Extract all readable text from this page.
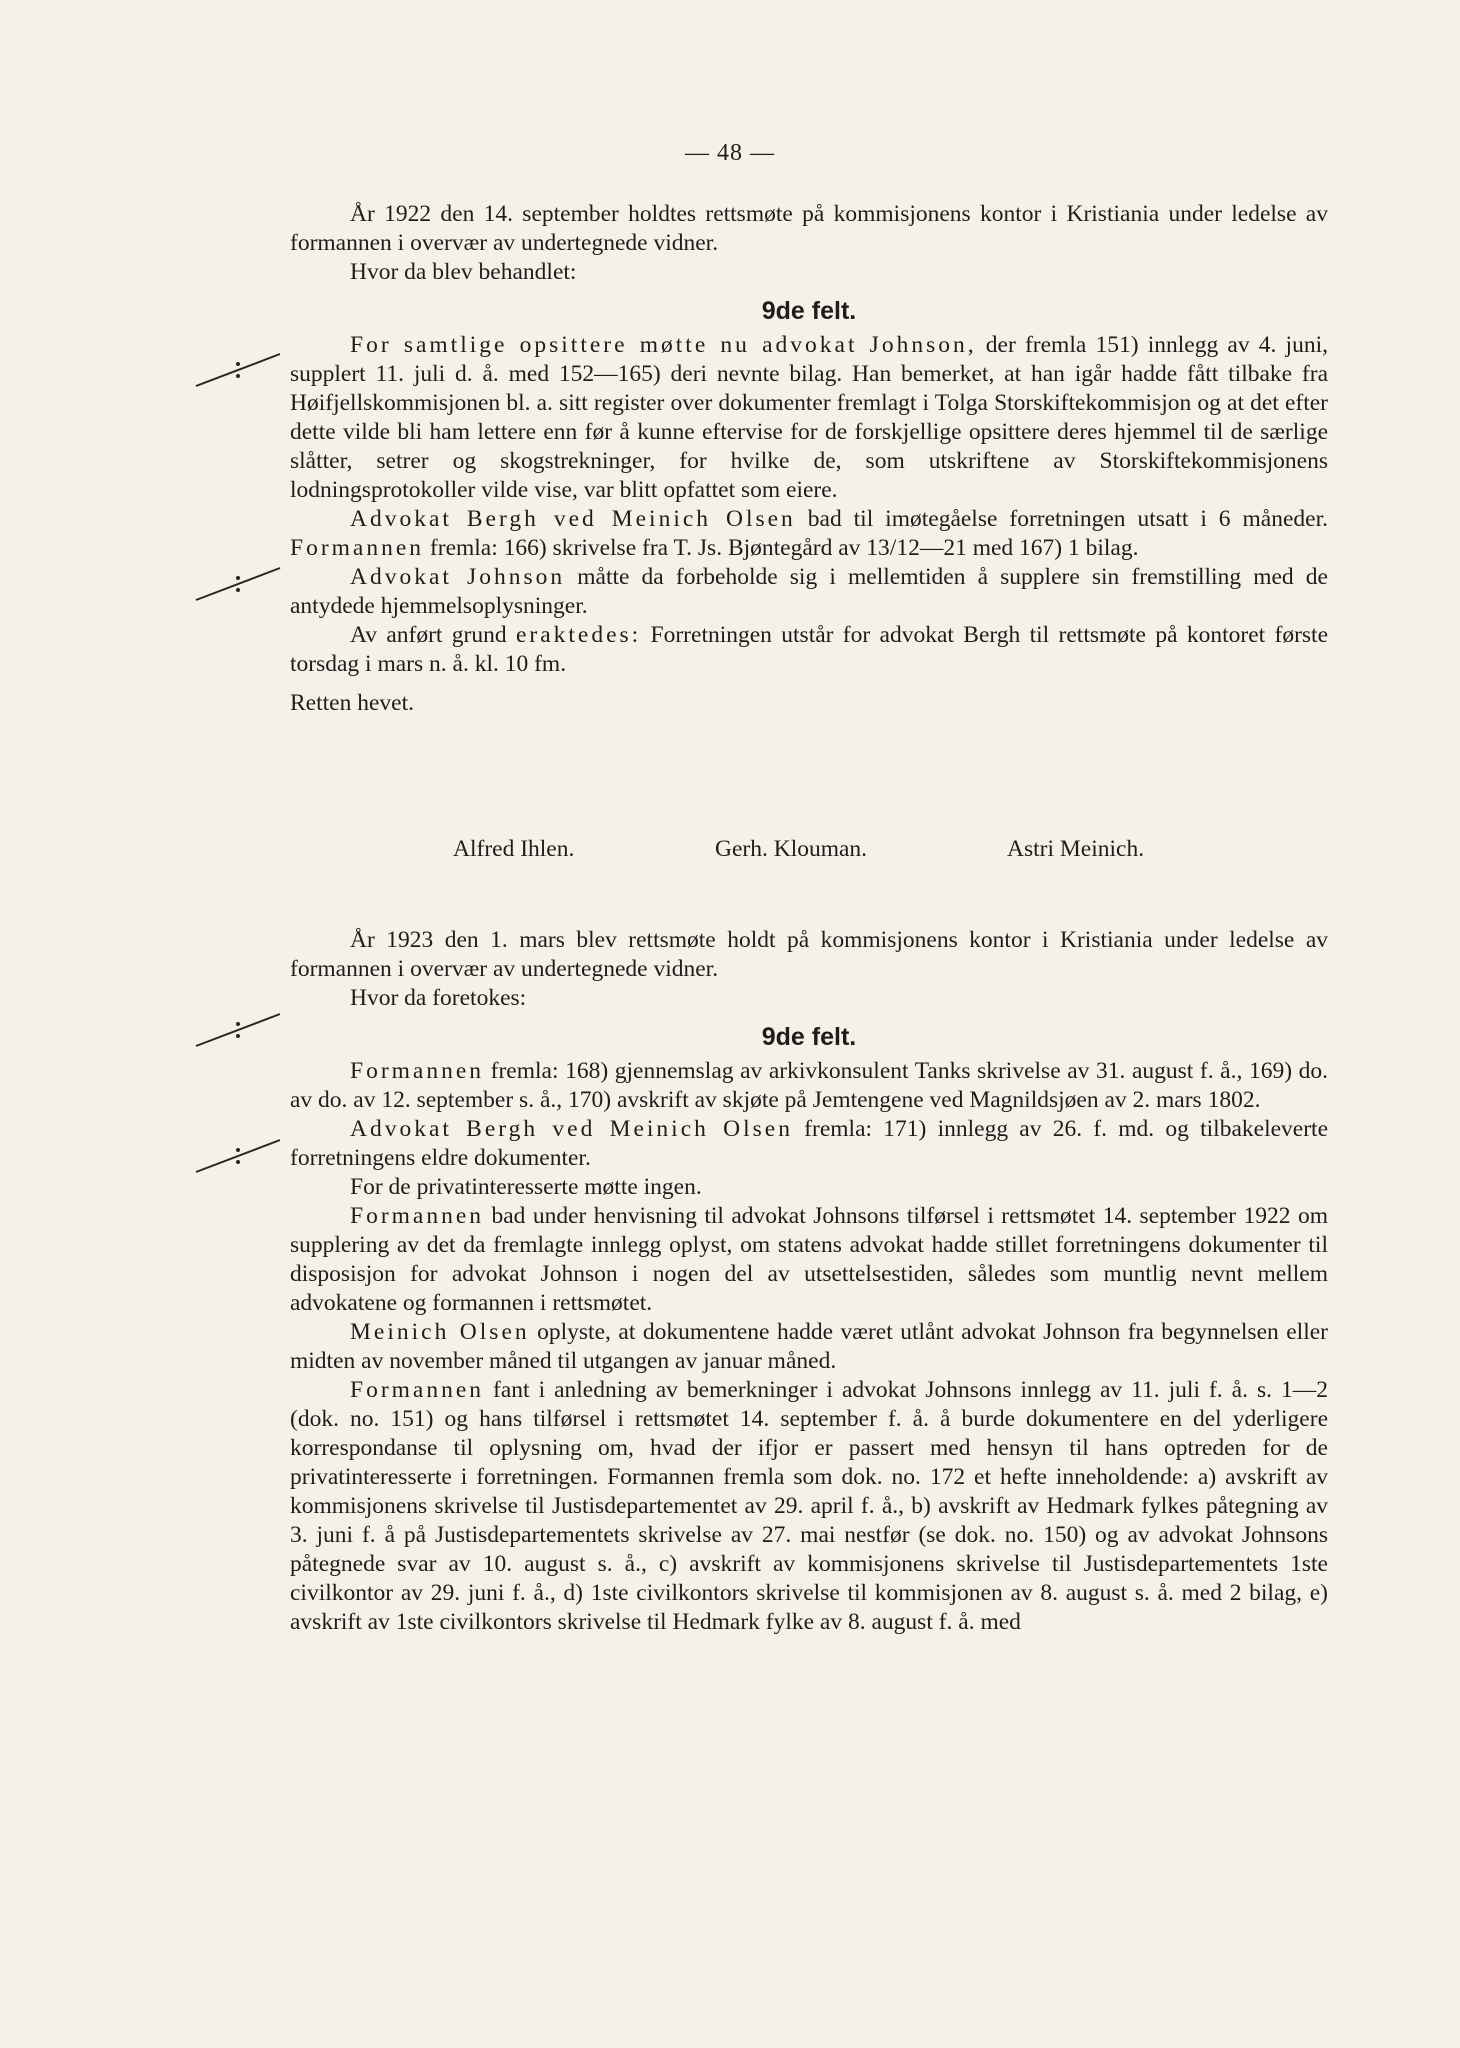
— 48 —

År 1922 den 14. september holdtes rettsmøte på kommisjonens kontor i Kristiania under ledelse av formannen i overvær av undertegnede vidner.

Hvor da blev behandlet:

9de felt.

For samtlige opsittere møtte nu advokat Johnson, der fremla 151) innlegg av 4. juni, supplert 11. juli d. å. med 152—165) deri nevnte bilag. Han bemerket, at han igår hadde fått tilbake fra Høifjellskommisjonen bl. a. sitt register over dokumenter fremlagt i Tolga Storskiftekommisjon og at det efter dette vilde bli ham lettere enn før å kunne eftervise for de forskjellige opsittere deres hjemmel til de særlige slåtter, setrer og skogstrekninger, for hvilke de, som utskriftene av Storskiftekommisjonens lodningsprotokoller vilde vise, var blitt opfattet som eiere.

Advokat Bergh ved Meinich Olsen bad til imøtegåelse forretningen utsatt i 6 måneder. Formannen fremla: 166) skrivelse fra T. Js. Bjøntegård av 13/12—21 med 167) 1 bilag.

Advokat Johnson måtte da forbeholde sig i mellemtiden å supplere sin fremstilling med de antydede hjemmelsoplysninger.

Av anført grund eraktedes: Forretningen utstår for advokat Bergh til rettsmøte på kontoret første torsdag i mars n. å. kl. 10 fm.

Retten hevet.

Alfred Ihlen.	Gerh. Klouman.	Astri Meinich.

År 1923 den 1. mars blev rettsmøte holdt på kommisjonens kontor i Kristiania under ledelse av formannen i overvær av undertegnede vidner.

Hvor da foretokes:

9de felt.

Formannen fremla: 168) gjennemslag av arkivkonsulent Tanks skrivelse av 31. august f. å., 169) do. av do. av 12. september s. å., 170) avskrift av skjøte på Jemtengene ved Magnildsjøen av 2. mars 1802.

Advokat Bergh ved Meinich Olsen fremla: 171) innlegg av 26. f. md. og tilbakeleverte forretningens eldre dokumenter.

For de privatinteresserte møtte ingen.

Formannen bad under henvisning til advokat Johnsons tilførsel i rettsmøtet 14. september 1922 om supplering av det da fremlagte innlegg oplyst, om statens advokat hadde stillet forretningens dokumenter til disposisjon for advokat Johnson i nogen del av utsettelsestiden, således som muntlig nevnt mellem advokatene og formannen i rettsmøtet.

Meinich Olsen oplyste, at dokumentene hadde været utlånt advokat Johnson fra begynnelsen eller midten av november måned til utgangen av januar måned.

Formannen fant i anledning av bemerkninger i advokat Johnsons innlegg av 11. juli f. å. s. 1—2 (dok. no. 151) og hans tilførsel i rettsmøtet 14. september f. å. å burde dokumentere en del yderligere korrespondanse til oplysning om, hvad der ifjor er passert med hensyn til hans optreden for de privatinteresserte i forretningen. Formannen fremla som dok. no. 172 et hefte inneholdende: a) avskrift av kommisjonens skrivelse til Justisdepartementet av 29. april f. å., b) avskrift av Hedmark fylkes påtegning av 3. juni f. å på Justisdepartementets skrivelse av 27. mai nestfør (se dok. no. 150) og av advokat Johnsons påtegnede svar av 10. august s. å., c) avskrift av kommisjonens skrivelse til Justisdepartementets 1ste civilkontor av 29. juni f. å., d) 1ste civilkontors skrivelse til kommisjonen av 8. august s. å. med 2 bilag, e) avskrift av 1ste civilkontors skrivelse til Hedmark fylke av 8. august f. å. med
